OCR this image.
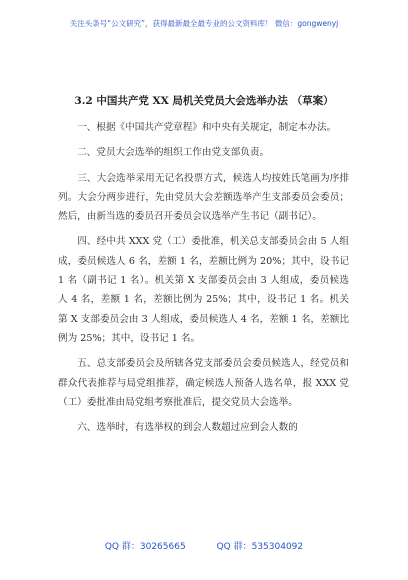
关注头条号“公文研究”，获得最新最全最专业的公文资料库！ 微信：gongwenyj
3.2 中国共产党 XX 局机关党员大会选举办法 （草案）

一、根据《中国共产党章程》和中央有关规定，制定本办法。

二、党员大会选举的组织工作由党支部负责。

三、大会选举采用无记名投票方式，候选人均按姓氏笔画为序排列。大会分两步进行，先由党员大会差额选举产生支部委员会委员；然后，由新当选的委员召开委员会议选举产生书记（副书记）。

四、经中共 XXX 党（工）委批准，机关总支部委员会由 5 人组成，委员候选人 6 名，差额 1 名，差额比例为 20%；其中，设书记 1 名（副书记 1 名）。机关第 X 支部委员会由 3 人组成，委员候选人 4 名，差额 1 名，差额比例为 25%；其中，设书记 1 名。机关第 X 支部委员会由 3 人组成，委员候选人 4 名，差额 1 名，差额比例为 25%；其中，设书记 1 名。

五、总支部委员会及所辖各党支部委员会委员候选人，经党员和群众代表推荐与局党组推荐，确定候选人预备人选名单，报 XXX 党（工）委批准由局党组考察批准后，提交党员大会选举。

六、选举时，有选举权的到会人数超过应到会人数的

QQ 群：30265665	QQ 群：535304092
